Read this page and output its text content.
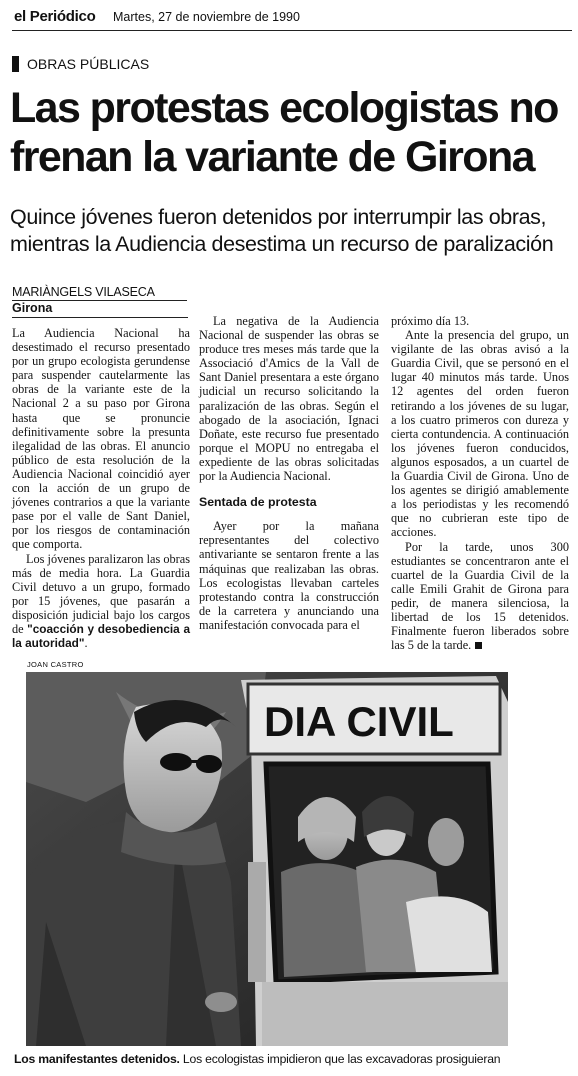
el Periódico Martes, 27 de noviembre de 1990
OBRAS PÚBLICAS
Las protestas ecologistas no frenan la variante de Girona
Quince jóvenes fueron detenidos por interrumpir las obras, mientras la Audiencia desestima un recurso de paralización
MARIÀNGELS VILASECA
Girona

La Audiencia Nacional ha desestimado el recurso presentado por un grupo ecologista gerundense para suspender cautelarmente las obras de la variante este de la Nacional 2 a su paso por Girona hasta que se pronuncie definitivamente sobre la presunta ilegalidad de las obras. El anuncio público de esta resolución de la Audiencia Nacional coincidió ayer con la acción de un grupo de jóvenes contrarios a que la variante pase por el valle de Sant Daniel, por los riesgos de contaminación que comporta.

Los jóvenes paralizaron las obras más de media hora. La Guardia Civil detuvo a un grupo, formado por 15 jóvenes, que pasarán a disposición judicial bajo los cargos de "coacción y desobediencia a la autoridad".

La negativa de la Audiencia Nacional de suspender las obras se produce tres meses más tarde que la Associació d'Amics de la Vall de Sant Daniel presentara a este órgano judicial un recurso solicitando la paralización de las obras. Según el abogado de la asociación, Ignaci Doñate, este recurso fue presentado porque el MOPU no entregaba el expediente de las obras solicitadas por la Audiencia Nacional.

Sentada de protesta

Ayer por la mañana representantes del colectivo antivariante se sentaron frente a las máquinas que realizaban las obras. Los ecologistas llevaban carteles protestando contra la construcción de la carretera y anunciando una manifestación convocada para el

próximo día 13.

Ante la presencia del grupo, un vigilante de las obras avisó a la Guardia Civil, que se personó en el lugar 40 minutos más tarde. Unos 12 agentes del orden fueron retirando a los jóvenes de su lugar, a los cuatro primeros con dureza y cierta contundencia. A continuación los jóvenes fueron conducidos, algunos esposados, a un cuartel de la Guardia Civil de Girona. Uno de los agentes se dirigió amablemente a los periodistas y les recomendó que no cubrieran este tipo de acciones.

Por la tarde, unos 300 estudiantes se concentraron ante el cuartel de la Guardia Civil de la calle Emili Grahit de Girona para pedir, de manera silenciosa, la libertad de los 15 detenidos. Finalmente fueron liberados sobre las 5 de la tarde.

JOAN CASTRO
DIA CIVIL
Los manifestantes detenidos. Los ecologistas impidieron que las excavadoras prosiguieran
